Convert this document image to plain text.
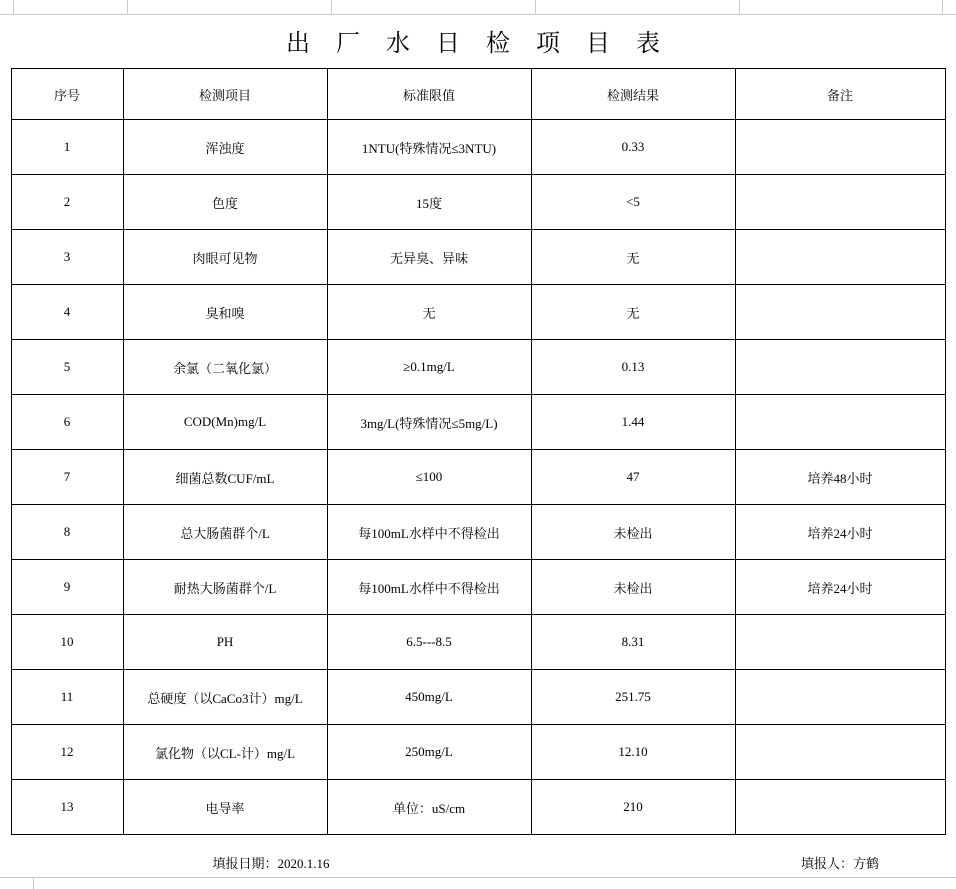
出 厂 水 日 检 项 目 表
序号	检测项目	标准限值	检测结果	备注
1	浑浊度	1NTU(特殊情况≤3NTU)	0.33	
2	色度	15度	<5	
3	肉眼可见物	无异臭、异味	无	
4	臭和嗅	无	无	
5	余氯（二氧化氯）	≥0.1mg/L	0.13	
6	COD(Mn)mg/L	3mg/L(特殊情况≤5mg/L)	1.44	
7	细菌总数CUF/mL	≤100	47	培养48小时
8	总大肠菌群个/L	每100mL水样中不得检出	未检出	培养24小时
9	耐热大肠菌群个/L	每100mL水样中不得检出	未检出	培养24小时
10	PH	6.5---8.5	8.31	
11	总硬度（以CaCo3计）mg/L	450mg/L	251.75	
12	氯化物（以CL-计）mg/L	250mg/L	12.10	
13	电导率	单位：uS/cm	210	
填报日期：2020.1.16	填报人：方鹤
